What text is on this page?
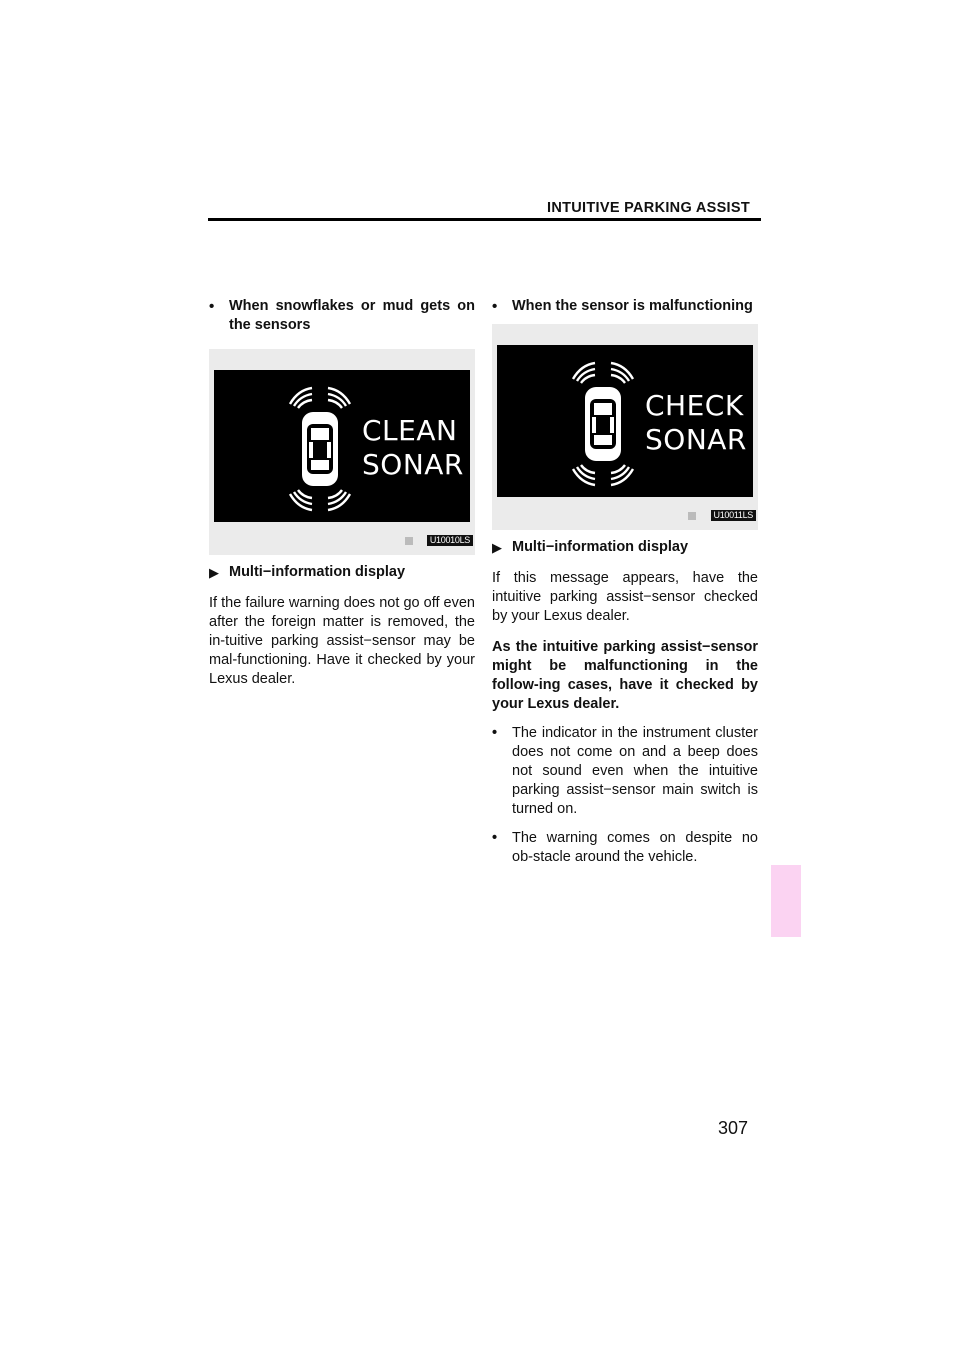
INTUITIVE PARKING ASSIST
•	When snowflakes or mud gets on the sensors
CLEAN
SONAR
U10010LS
▶ Multi−information display
If the failure warning does not go off even after the foreign matter is removed, the in‑tuitive parking assist−sensor may be mal‑functioning. Have it checked by your Lexus dealer.
•	When the sensor is malfunctioning
CHECK
SONAR
U10011LS
▶ Multi−information display
If this message appears, have the intuitive parking assist−sensor checked by your Lexus dealer.
As the intuitive parking assist−sensor might be malfunctioning in the follow‑ing cases, have it checked by your Lexus dealer.
•	The indicator in the instrument cluster does not come on and a beep does not sound even when the intuitive parking assist−sensor main switch is turned on.
•	The warning comes on despite no ob‑stacle around the vehicle.
307
